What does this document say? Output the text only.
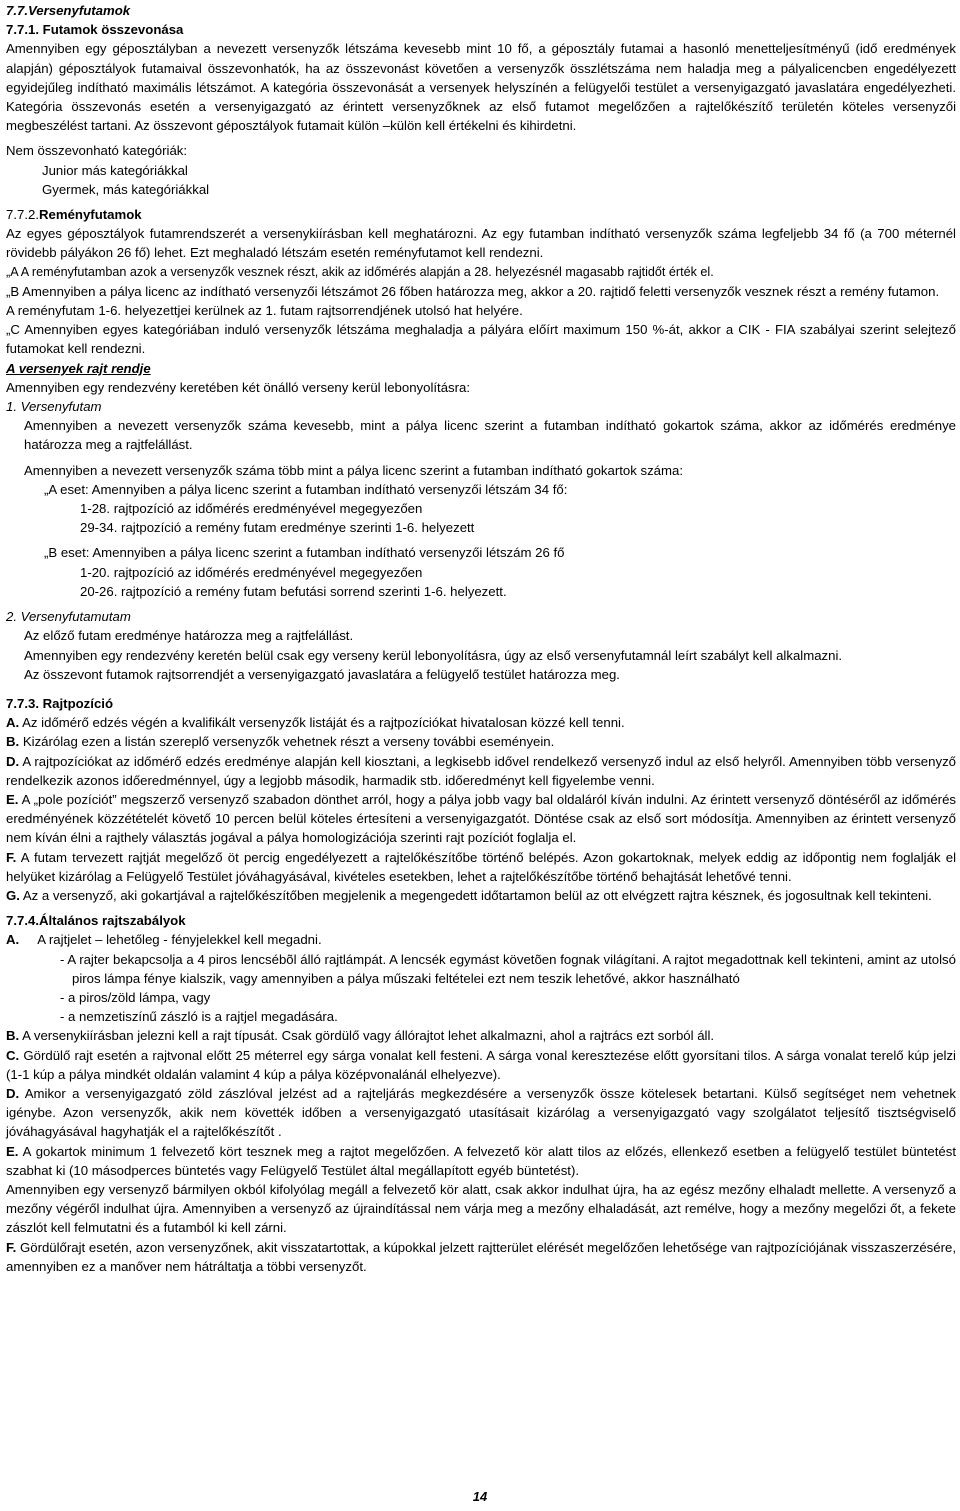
7.7.Versenyfutamok

7.7.1. Futamok összevonása

Amennyiben egy géposztályban a nevezett versenyzők létszáma kevesebb mint 10 fő, a géposztály futamai a hasonló menetteljesítményű (idő eredmények alapján) géposztályok futamaival összevonhatók, ha az összevonást követően a versenyzők összlétszáma nem haladja meg a pályalicencben engedélyezett egyidejűleg indítható maximális létszámot. A kategória összevonását a versenyek helyszínén a felügyelői testület a versenyigazgató javaslatára engedélyezheti. Kategória összevonás esetén a versenyigazgató az érintett versenyzőknek az első futamot megelőzően a rajtelőkészítő területén köteles versenyzői megbeszélést tartani. Az összevont géposztályok futamait külön –külön kell értékelni és kihirdetni.

Nem összevonható kategóriák:

Junior más kategóriákkal

Gyermek, más kategóriákkal

7.7.2.Reményfutamok

Az egyes géposztályok futamrendszerét a versenykiírásban kell meghatározni. Az egy futamban indítható versenyzők száma legfeljebb 34 fő (a 700 méternél rövidebb pályákon 26 fő) lehet. Ezt meghaladó létszám esetén reményfutamot kell rendezni.

„A A reményfutamban azok a versenyzők vesznek részt, akik az időmérés alapján a 28. helyezésnél magasabb rajtidőt érték el.

„B Amennyiben a pálya licenc az indítható versenyzői létszámot 26 főben határozza meg, akkor a 20. rajtidő feletti versenyzők vesznek részt a remény futamon.

A reményfutam 1-6. helyezettjei kerülnek az 1. futam rajtsorrendjének utolsó hat helyére.

„C Amennyiben egyes kategóriában induló versenyzők létszáma meghaladja a pályára előírt maximum 150 %-át, akkor a CIK - FIA szabályai szerint selejtező futamokat kell rendezni.

A versenyek rajt rendje

Amennyiben egy rendezvény keretében két önálló verseny kerül lebonyolításra:

1. Versenyfutam

Amennyiben a nevezett versenyzők száma kevesebb, mint a pálya licenc szerint a futamban indítható gokartok száma, akkor az időmérés eredménye határozza meg a rajtfelállást.

Amennyiben a nevezett versenyzők száma több mint a pálya licenc szerint a futamban indítható gokartok száma:

„A eset: Amennyiben a pálya licenc szerint a futamban indítható versenyzői létszám 34 fő:

1-28. rajtpozíció az időmérés eredményével megegyezően

29-34. rajtpozíció a remény futam eredménye szerinti 1-6. helyezett

„B eset: Amennyiben a pálya licenc szerint a futamban indítható versenyzői létszám 26 fő

1-20. rajtpozíció az időmérés eredményével megegyezően

20-26. rajtpozíció a remény futam befutási sorrend szerinti 1-6. helyezett.

2. Versenyfutamutam

Az előző futam eredménye határozza meg a rajtfelállást.

Amennyiben egy rendezvény keretén belül csak egy verseny kerül lebonyolításra, úgy az első versenyfutamnál leírt szabályt kell alkalmazni.

Az összevont futamok rajtsorrendjét a versenyigazgató javaslatára a felügyelő testület határozza meg.

7.7.3. Rajtpozíció

A. Az időmérő edzés végén a kvalifikált versenyzők listáját és a rajtpozíciókat hivatalosan közzé kell tenni.

B. Kizárólag ezen a listán szereplő versenyzők vehetnek részt a verseny további eseményein.

D. A rajtpozíciókat az időmérő edzés eredménye alapján kell kiosztani, a legkisebb idővel rendelkező versenyző indul az első helyről. Amennyiben több versenyző rendelkezik azonos időeredménnyel, úgy a legjobb második, harmadik stb. időeredményt kell figyelembe venni.

E. A „pole pozíciót” megszerző versenyző szabadon dönthet arról, hogy a pálya jobb vagy bal oldaláról kíván indulni. Az érintett versenyző döntéséről az időmérés eredményének közzétételét követő 10 percen belül köteles értesíteni a versenyigazgatót. Döntése csak az első sort módosítja. Amennyiben az érintett versenyző nem kíván élni a rajthely választás jogával a pálya homologizációja szerinti rajt pozíciót foglalja el.

F. A futam tervezett rajtját megelőző öt percig engedélyezett a rajtelőkészítőbe történő belépés. Azon gokartoknak, melyek eddig az időpontig nem foglalják el helyüket kizárólag a Felügyelő Testület jóváhagyásával, kivételes esetekben, lehet a rajtelőkészítőbe történő behajtását lehetővé tenni.

G. Az a versenyző, aki gokartjával a rajtelőkészítőben megjelenik a megengedett időtartamon belül az ott elvégzett rajtra késznek, és jogosultnak kell tekinteni.

7.7.4.Általános rajtszabályok

A. A rajtjelet – lehetőleg - fényjelekkel kell megadni.

- A rajter bekapcsolja a 4 piros lencsébõl álló rajtlámpát. A lencsék egymást követõen fognak világítani. A rajtot megadottnak kell tekinteni, amint az utolsó piros lámpa fénye kialszik, vagy amennyiben a pálya műszaki feltételei ezt nem teszik lehetővé, akkor használható

- a piros/zöld lámpa, vagy

- a nemzetiszínű zászló is a rajtjel megadására.

B. A versenykiírásban jelezni kell a rajt típusát. Csak gördülő vagy állórajtot lehet alkalmazni, ahol a rajtrács ezt sorból áll.

C. Gördülő rajt esetén a rajtvonal előtt 25 méterrel egy sárga vonalat kell festeni. A sárga vonal keresztezése előtt gyorsítani tilos. A sárga vonalat terelő kúp jelzi (1-1 kúp a pálya mindkét oldalán valamint 4 kúp a pálya középvonalánál elhelyezve).

D. Amikor a versenyigazgató zöld zászlóval jelzést ad a rajteljárás megkezdésére a versenyzők össze kötelesek betartani. Külső segítséget nem vehetnek igénybe. Azon versenyzők, akik nem követték időben a versenyigazgató utasításait kizárólag a versenyigazgató vagy szolgálatot teljesítő tisztségviselő jóváhagyásával hagyhatják el a rajtelőkészítőt .

E. A gokartok minimum 1 felvezető kört tesznek meg a rajtot megelőzően. A felvezető kör alatt tilos az előzés, ellenkező esetben a felügyelő testület büntetést szabhat ki (10 másodperces büntetés vagy Felügyelő Testület által megállapított egyéb büntetést).

Amennyiben egy versenyző bármilyen okból kifolyólag megáll a felvezető kör alatt, csak akkor indulhat újra, ha az egész mezőny elhaladt mellette. A versenyző a mezőny végéről indulhat újra. Amennyiben a versenyző az újraindítással nem várja meg a mezőny elhaladását, azt remélve, hogy a mezőny megelőzi őt, a fekete zászlót kell felmutatni és a futamból ki kell zárni.

F. Gördülőrajt esetén, azon versenyzőnek, akit visszatartottak, a kúpokkal jelzett rajtterület elérését megelőzően lehetősége van rajtpozíciójának visszaszerzésére, amennyiben ez a manőver nem hátráltatja a többi versenyzőt.

14
